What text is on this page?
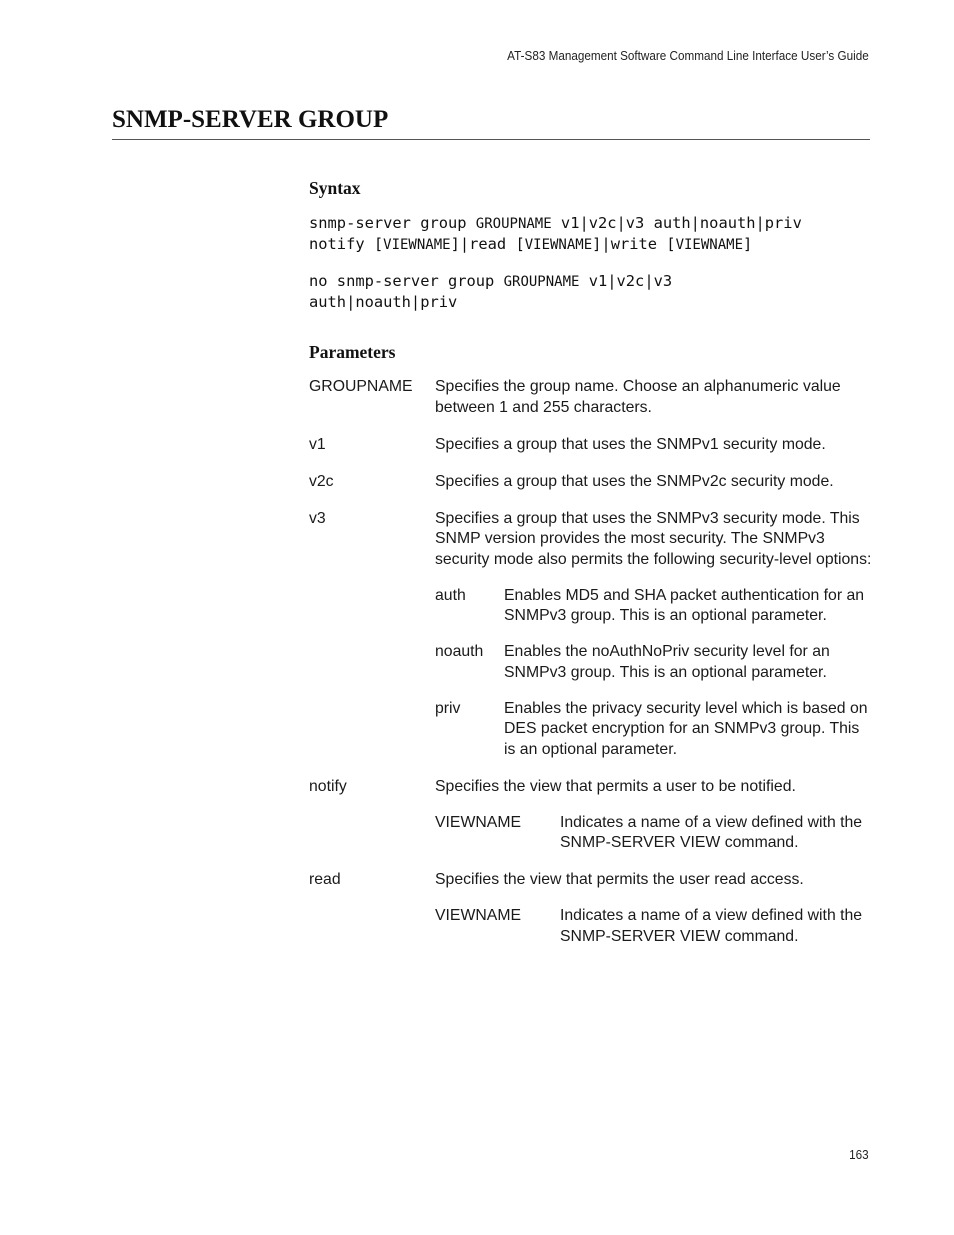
AT-S83 Management Software Command Line Interface User’s Guide
SNMP-SERVER GROUP
Syntax
snmp-server group GROUPNAME v1|v2c|v3 auth|noauth|priv
notify [VIEWNAME]|read [VIEWNAME]|write [VIEWNAME]
no snmp-server group GROUPNAME v1|v2c|v3
auth|noauth|priv
Parameters
GROUPNAME	Specifies the group name. Choose an alphanumeric value between 1 and 255 characters.
v1	Specifies a group that uses the SNMPv1 security mode.
v2c	Specifies a group that uses the SNMPv2c security mode.
v3	Specifies a group that uses the SNMPv3 security mode. This SNMP version provides the most security. The SNMPv3 security mode also permits the following security-level options:
auth	Enables MD5 and SHA packet authentication for an SNMPv3 group. This is an optional parameter.
noauth	Enables the noAuthNoPriv security level for an SNMPv3 group. This is an optional parameter.
priv	Enables the privacy security level which is based on DES packet encryption for an SNMPv3 group. This is an optional parameter.
notify	Specifies the view that permits a user to be notified.
VIEWNAME	Indicates a name of a view defined with the SNMP-SERVER VIEW command.
read	Specifies the view that permits the user read access.
VIEWNAME	Indicates a name of a view defined with the SNMP-SERVER VIEW command.
163
